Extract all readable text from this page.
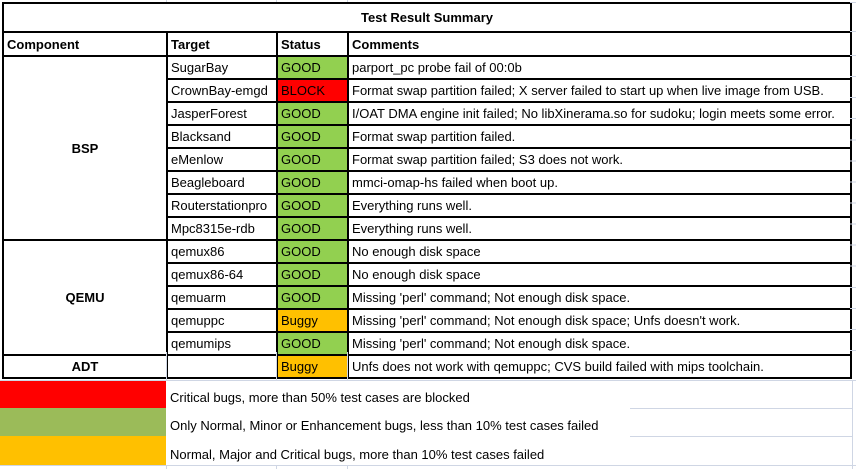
Test Result Summary			
Component	Target	Status	Comments
BSP	SugarBay	GOOD	parport_pc probe fail of 00:0b
	CrownBay-emgd	BLOCK	Format swap partition failed; X server failed to start up when live image from USB.
	JasperForest	GOOD	I/OAT DMA engine init failed; No libXinerama.so for sudoku; login meets some error.
	Blacksand	GOOD	Format swap partition failed.
	eMenlow	GOOD	Format swap partition failed; S3 does not work.
	Beagleboard	GOOD	mmci-omap-hs failed when boot up.
	Routerstationpro	GOOD	Everything runs well.
	Mpc8315e-rdb	GOOD	Everything runs well.
QEMU	qemux86	GOOD	No enough disk space
	qemux86-64	GOOD	No enough disk space
	qemuarm	GOOD	Missing 'perl' command; Not enough disk space.
	qemuppc	Buggy	Missing 'perl' command; Not enough disk space; Unfs doesn't work.
	qemumips	GOOD	Missing 'perl' command; Not enough disk space.
ADT		Buggy	Unfs does not work with qemuppc; CVS build failed with mips toolchain.
Critical bugs, more than 50% test cases are blocked
Only Normal, Minor or Enhancement bugs, less than 10% test cases failed
Normal, Major and Critical bugs, more than 10% test cases failed
